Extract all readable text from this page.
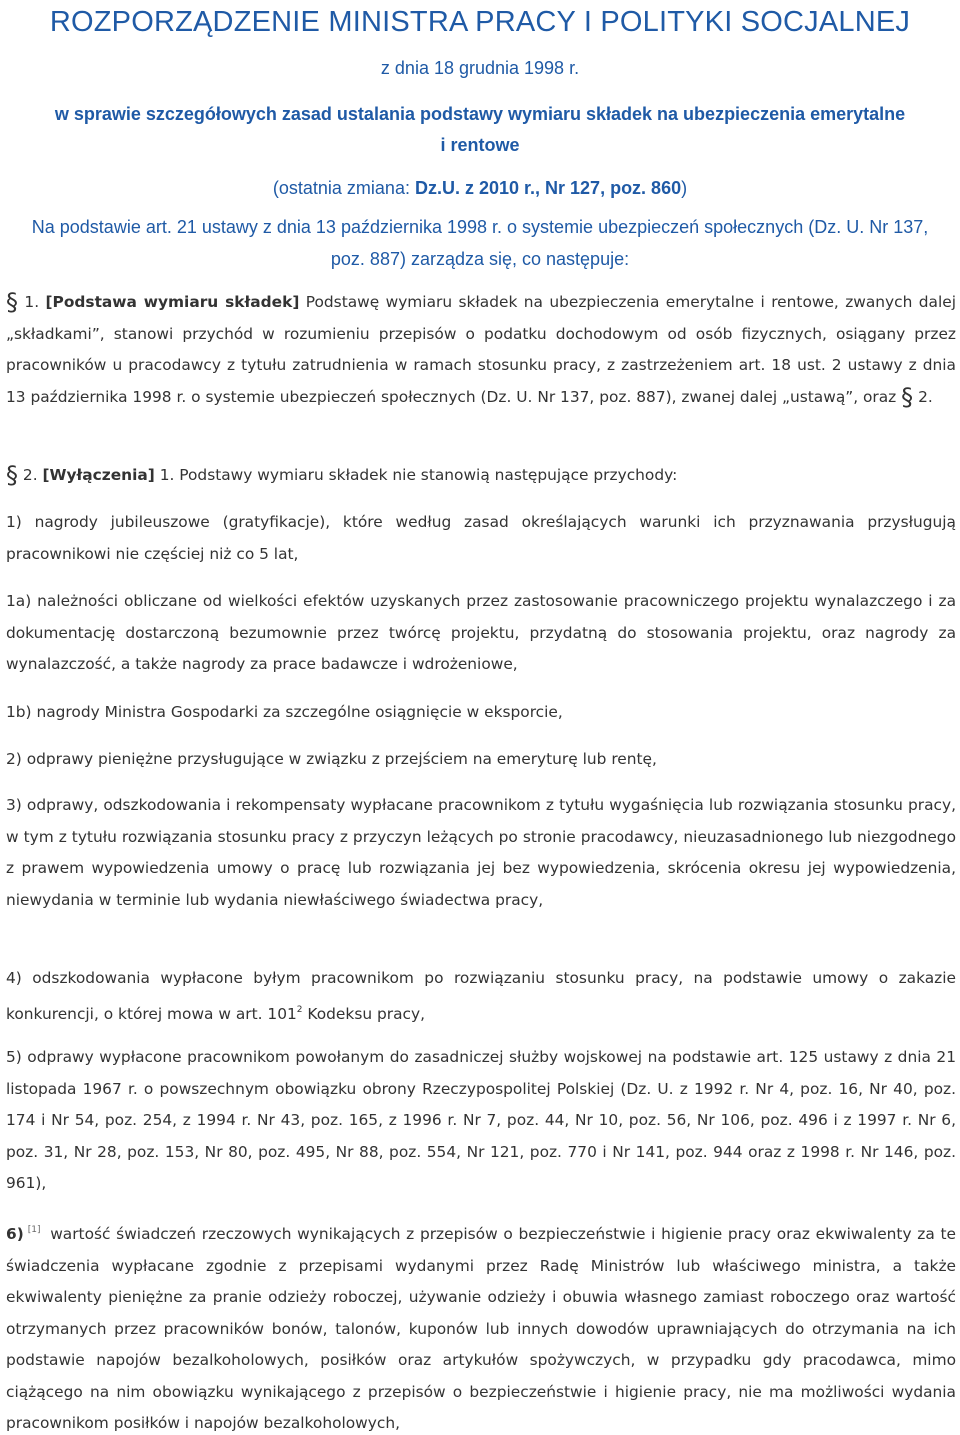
ROZPORZĄDZENIE MINISTRA PRACY I POLITYKI SOCJALNEJ
z dnia 18 grudnia 1998 r.
w sprawie szczegółowych zasad ustalania podstawy wymiaru składek na ubezpieczenia emerytalne
i rentowe
(ostatnia zmiana: Dz.U. z 2010 r., Nr 127, poz. 860)
Na podstawie art. 21 ustawy z dnia 13 października 1998 r. o systemie ubezpieczeń społecznych (Dz. U. Nr 137,
poz. 887) zarządza się, co następuje:

§ 1. [Podstawa wymiaru składek] Podstawę wymiaru składek na ubezpieczenia emerytalne i rentowe, zwanych dalej „składkami”, stanowi przychód w rozumieniu przepisów o podatku dochodowym od osób fizycznych, osiągany przez pracowników u pracodawcy z tytułu zatrudnienia w ramach stosunku pracy, z zastrzeżeniem art. 18 ust. 2 ustawy z dnia 13 października 1998 r. o systemie ubezpieczeń społecznych (Dz. U. Nr 137, poz. 887), zwanej dalej „ustawą”, oraz § 2.

§ 2. [Wyłączenia] 1. Podstawy wymiaru składek nie stanowią następujące przychody:

1) nagrody jubileuszowe (gratyfikacje), które według zasad określających warunki ich przyznawania przysługują pracownikowi nie częściej niż co 5 lat,

1a) należności obliczane od wielkości efektów uzyskanych przez zastosowanie pracowniczego projektu wynalazczego i za dokumentację dostarczoną bezumownie przez twórcę projektu, przydatną do stosowania projektu, oraz nagrody za wynalazczość, a także nagrody za prace badawcze i wdrożeniowe,

1b) nagrody Ministra Gospodarki za szczególne osiągnięcie w eksporcie,

2) odprawy pieniężne przysługujące w związku z przejściem na emeryturę lub rentę,

3) odprawy, odszkodowania i rekompensaty wypłacane pracownikom z tytułu wygaśnięcia lub rozwiązania stosunku pracy, w tym z tytułu rozwiązania stosunku pracy z przyczyn leżących po stronie pracodawcy, nieuzasadnionego lub niezgodnego z prawem wypowiedzenia umowy o pracę lub rozwiązania jej bez wypowiedzenia, skrócenia okresu jej wypowiedzenia, niewydania w terminie lub wydania niewłaściwego świadectwa pracy,

4) odszkodowania wypłacone byłym pracownikom po rozwiązaniu stosunku pracy, na podstawie umowy o zakazie konkurencji, o której mowa w art. $101^2$ Kodeksu pracy,

5) odprawy wypłacone pracownikom powołanym do zasadniczej służby wojskowej na podstawie art. 125 ustawy z dnia 21 listopada 1967 r. o powszechnym obowiązku obrony Rzeczypospolitej Polskiej (Dz. U. z 1992 r. Nr 4, poz. 16, Nr 40, poz. 174 i Nr 54, poz. 254, z 1994 r. Nr 43, poz. 165, z 1996 r. Nr 7, poz. 44, Nr 10, poz. 56, Nr 106, poz. 496 i z 1997 r. Nr 6, poz. 31, Nr 28, poz. 153, Nr 80, poz. 495, Nr 88, poz. 554, Nr 121, poz. 770 i Nr 141, poz. 944 oraz z 1998 r. Nr 146, poz. 961),

6) [1] wartość świadczeń rzeczowych wynikających z przepisów o bezpieczeństwie i higienie pracy oraz ekwiwalenty za te świadczenia wypłacane zgodnie z przepisami wydanymi przez Radę Ministrów lub właściwego ministra, a także ekwiwalenty pieniężne za pranie odzieży roboczej, używanie odzieży i obuwia własnego zamiast roboczego oraz wartość otrzymanych przez pracowników bonów, talonów, kuponów lub innych dowodów uprawniających do otrzymania na ich podstawie napojów bezalkoholowych, posiłków oraz artykułów spożywczych, w przypadku gdy pracodawca, mimo ciążącego na nim obowiązku wynikającego z przepisów o bezpieczeństwie i higienie pracy, nie ma możliwości wydania pracownikom posiłków i napojów bezalkoholowych,
